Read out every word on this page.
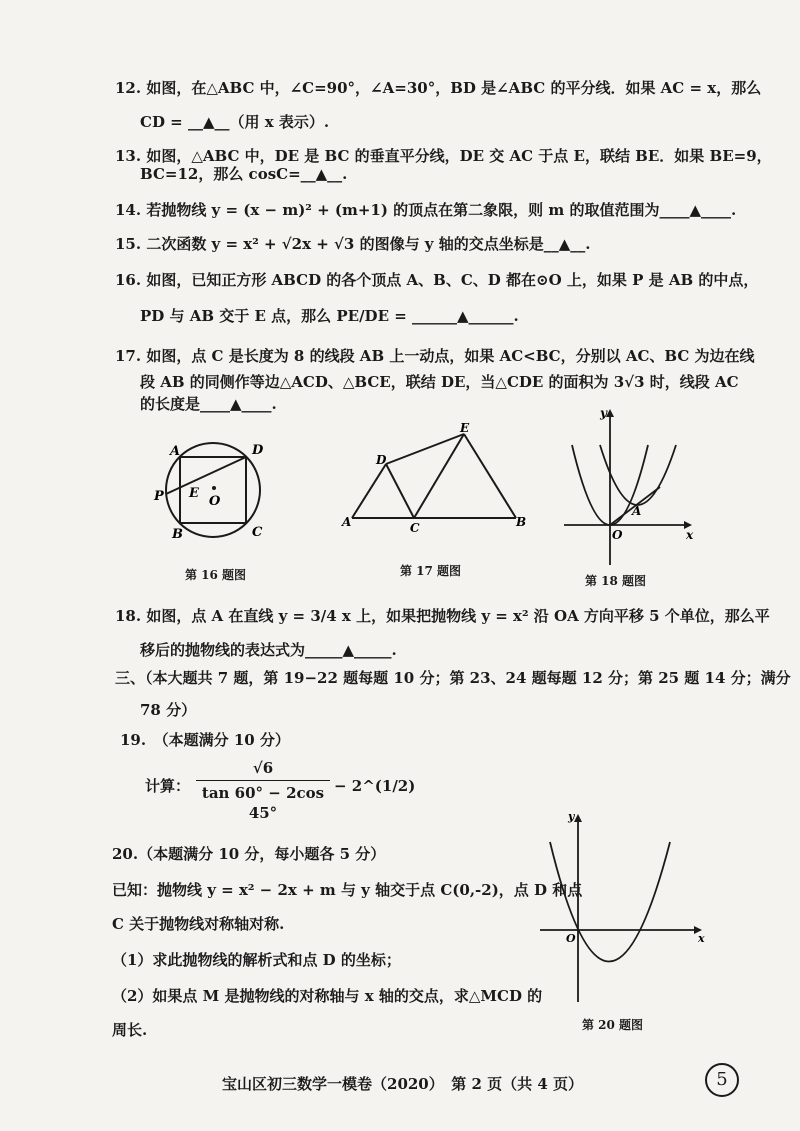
12. 如图，在△ABC 中，∠C=90°，∠A=30°，BD 是∠ABC 的平分线．如果 AC = x，那么
CD = __▲__（用 x 表示）.
13. 如图，△ABC 中，DE 是 BC 的垂直平分线，DE 交 AC 于点 E，联结 BE．如果 BE=9，
BC=12，那么 cosC=__▲__.
14. 若抛物线 y = (x − m)² + (m+1) 的顶点在第二象限，则 m 的取值范围为____▲____.
15. 二次函数 y = x² + √2x + √3 的图像与 y 轴的交点坐标是__▲__.
16. 如图，已知正方形 ABCD 的各个顶点 A、B、C、D 都在⊙O 上，如果 P 是 AB 的中点，
PD 与 AB 交于 E 点，那么 PE/DE = ______▲______.
17. 如图，点 C 是长度为 8 的线段 AB 上一动点，如果 AC<BC，分别以 AC、BC 为边在线
段 AB 的同侧作等边△ACD、△BCE，联结 DE，当△CDE 的面积为 3√3 时，线段 AC
的长度是____▲____.
A	D
P E
O
B	C
第 16 题图
E
D
A	C	B
第 17 题图
y
A
O	x
第 18 题图
18. 如图，点 A 在直线 y = 3/4 x 上，如果把抛物线 y = x² 沿 OA 方向平移 5 个单位，那么平
移后的抛物线的表达式为_____▲_____.
三、（本大题共 7 题，第 19−22 题每题 10 分；第 23、24 题每题 12 分；第 25 题 14 分；满分
78 分）
19.　（本题满分 10 分）
计算：
√6
tan 60° − 2cos 45°
− 2^(1/2)
20.（本题满分 10 分，每小题各 5 分）
已知：抛物线 y = x² − 2x + m 与 y 轴交于点 C(0,-2)，点 D 和点
C 关于抛物线对称轴对称.
（1）求此抛物线的解析式和点 D 的坐标；
（2）如果点 M 是抛物线的对称轴与 x 轴的交点，求△MCD 的
周长.
y
O	x
第 20 题图
宝山区初三数学一模卷（2020）　第 2 页（共 4 页）	5
